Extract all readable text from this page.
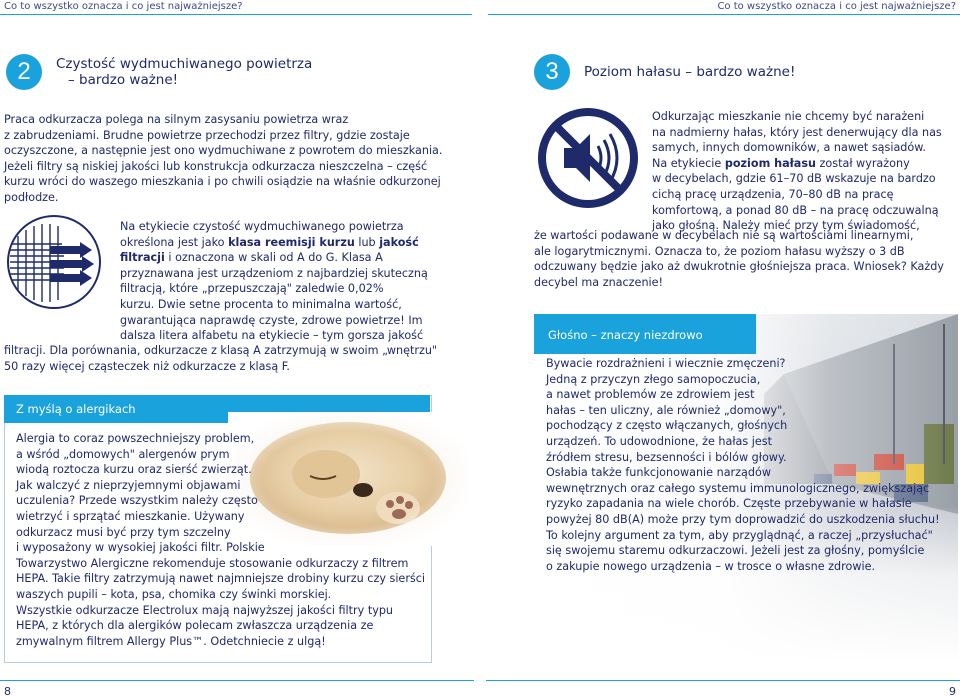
Co to wszystko oznacza i co jest najważniejsze?	Co to wszystko oznacza i co jest najważniejsze?
2	Czystość wydmuchiwanego powietrza
– bardzo ważne!

Praca odkurzacza polega na silnym zasysaniu powietrza wraz

z zabrudzeniami. Brudne powietrze przechodzi przez filtry, gdzie zostaje

oczyszczone, a następnie jest ono wydmuchiwane z powrotem do mieszkania.

Jeżeli filtry są niskiej jakości lub konstrukcja odkurzacza nieszczelna – część

kurzu wróci do waszego mieszkania i po chwili osiądzie na właśnie odkurzonej

podłodze.

Na etykiecie czystość wydmuchiwanego powietrza

określona jest jako klasa reemisji kurzu lub jakość

filtracji i oznaczona w skali od A do G. Klasa A

przyznawana jest urządzeniom z najbardziej skuteczną

filtracją, które „przepuszczają" zaledwie 0,02%

kurzu. Dwie setne procenta to minimalna wartość,

gwarantująca naprawdę czyste, zdrowe powietrze! Im

dalsza litera alfabetu na etykiecie – tym gorsza jakość

filtracji. Dla porównania, odkurzacze z klasą A zatrzymują w swoim „wnętrzu"

50 razy więcej cząsteczek niż odkurzacze z klasą F.

Z myślą o alergikach

Alergia to coraz powszechniejszy problem,

a wśród „domowych" alergenów prym

wiodą roztocza kurzu oraz sierść zwierząt.

Jak walczyć z nieprzyjemnymi objawami

uczulenia? Przede wszystkim należy często

wietrzyć i sprzątać mieszkanie. Używany

odkurzacz musi być przy tym szczelny

i wyposażony w wysokiej jakości filtr. Polskie

Towarzystwo Alergiczne rekomenduje stosowanie odkurzaczy z filtrem

HEPA. Takie filtry zatrzymują nawet najmniejsze drobiny kurzu czy sierści

waszych pupili – kota, psa, chomika czy świnki morskiej.

Wszystkie odkurzacze Electrolux mają najwyższej jakości filtry typu

HEPA, z których dla alergików polecam zwłaszcza urządzenia ze

zmywalnym filtrem Allergy Plus™. Odetchniecie z ulgą!

3	Poziom hałasu – bardzo ważne!

Odkurzając mieszkanie nie chcemy być narażeni

na nadmierny hałas, który jest denerwujący dla nas

samych, innych domowników, a nawet sąsiadów.

Na etykiecie poziom hałasu został wyrażony

w decybelach, gdzie 61–70 dB wskazuje na bardzo

cichą pracę urządzenia, 70–80 dB na pracę

komfortową, a ponad 80 dB – na pracę odczuwalną

jako głośną. Należy mieć przy tym świadomość,

że wartości podawane w decybelach nie są wartościami linearnymi,

ale logarytmicznymi. Oznacza to, że poziom hałasu wyższy o 3 dB

odczuwany będzie jako aż dwukrotnie głośniejsza praca. Wniosek? Każdy

decybel ma znaczenie!

Głośno – znaczy niezdrowo

Bywacie rozdrażnieni i wiecznie zmęczeni?

Jedną z przyczyn złego samopoczucia,

a nawet problemów ze zdrowiem jest

hałas – ten uliczny, ale również „domowy",

pochodzący z często włączanych, głośnych

urządzeń. To udowodnione, że hałas jest

źródłem stresu, bezsenności i bólów głowy.

Osłabia także funkcjonowanie narządów

wewnętrznych oraz całego systemu immunologicznego, zwiększając

ryzyko zapadania na wiele chorób. Częste przebywanie w hałasie

powyżej 80 dB(A) może przy tym doprowadzić do uszkodzenia słuchu!

To kolejny argument za tym, aby przyglądnąć, a raczej „przysłuchać"

się swojemu staremu odkurzaczowi. Jeżeli jest za głośny, pomyślcie

o zakupie nowego urządzenia – w trosce o własne zdrowie.

8	9
